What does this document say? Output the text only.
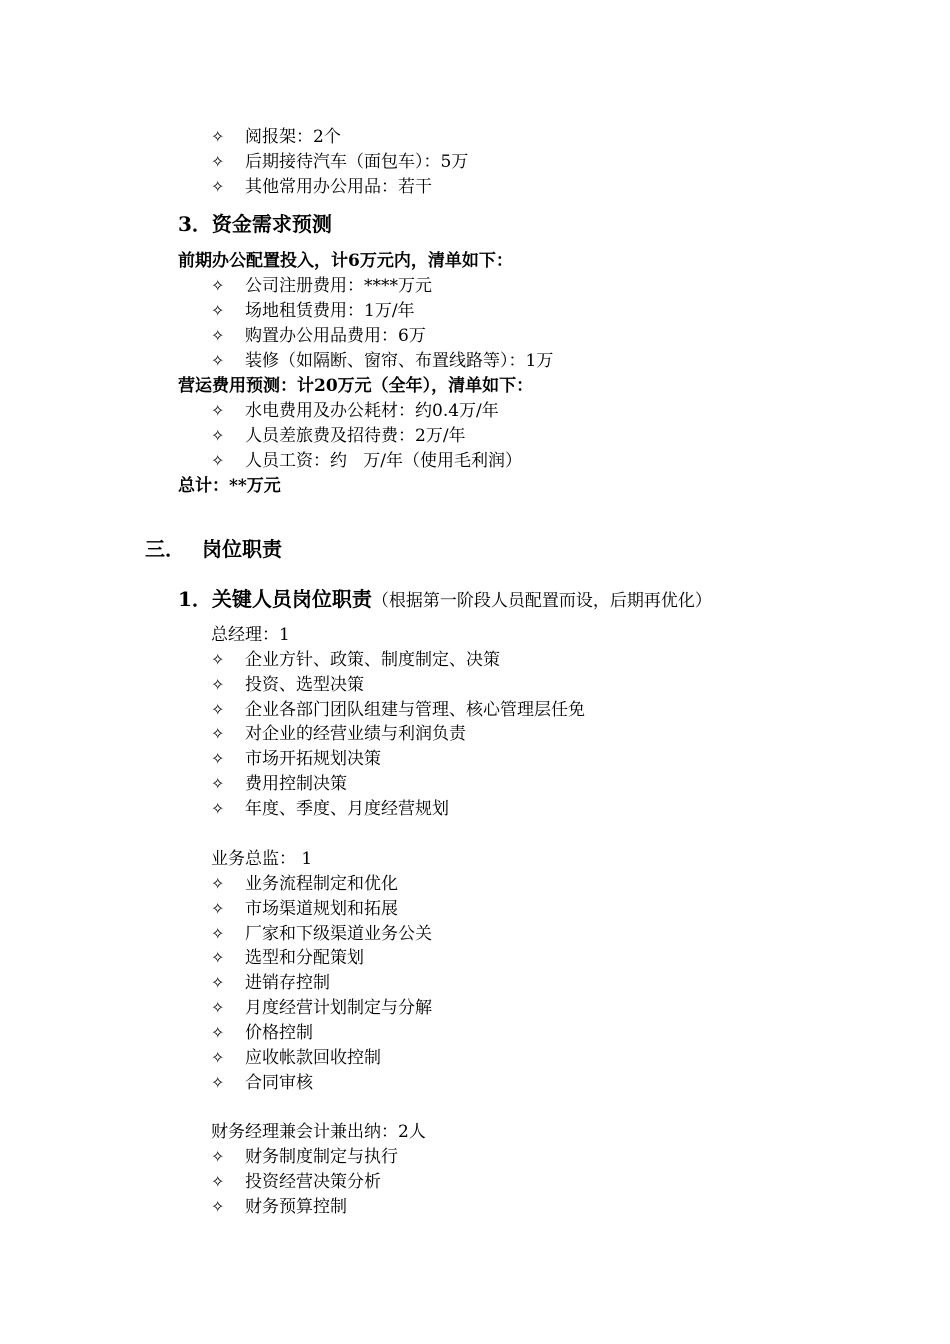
✧ 阅报架：2个
✧ 后期接待汽车（面包车）：5万
✧ 其他常用办公用品：若干
3．资金需求预测
前期办公配置投入，计6万元内，清单如下：
✧ 公司注册费用：****万元
✧ 场地租赁费用：1万/年
✧ 购置办公用品费用：6万
✧ 装修（如隔断、窗帘、布置线路等）：1万
营运费用预测：计20万元（全年），清单如下：
✧ 水电费用及办公耗材：约0.4万/年
✧ 人员差旅费及招待费：2万/年
✧ 人员工资：约   万/年（使用毛利润）
总计：**万元
三． 岗位职责
1．关键人员岗位职责（根据第一阶段人员配置而设，后期再优化）
总经理：1
✧ 企业方针、政策、制度制定、决策
✧ 投资、选型决策
✧ 企业各部门团队组建与管理、核心管理层任免
✧ 对企业的经营业绩与利润负责
✧ 市场开拓规划决策
✧ 费用控制决策
✧ 年度、季度、月度经营规划
业务总监： 1
✧ 业务流程制定和优化
✧ 市场渠道规划和拓展
✧ 厂家和下级渠道业务公关
✧ 选型和分配策划
✧ 进销存控制
✧ 月度经营计划制定与分解
✧ 价格控制
✧ 应收帐款回收控制
✧ 合同审核
财务经理兼会计兼出纳：2人
✧ 财务制度制定与执行
✧ 投资经营决策分析
✧ 财务预算控制
